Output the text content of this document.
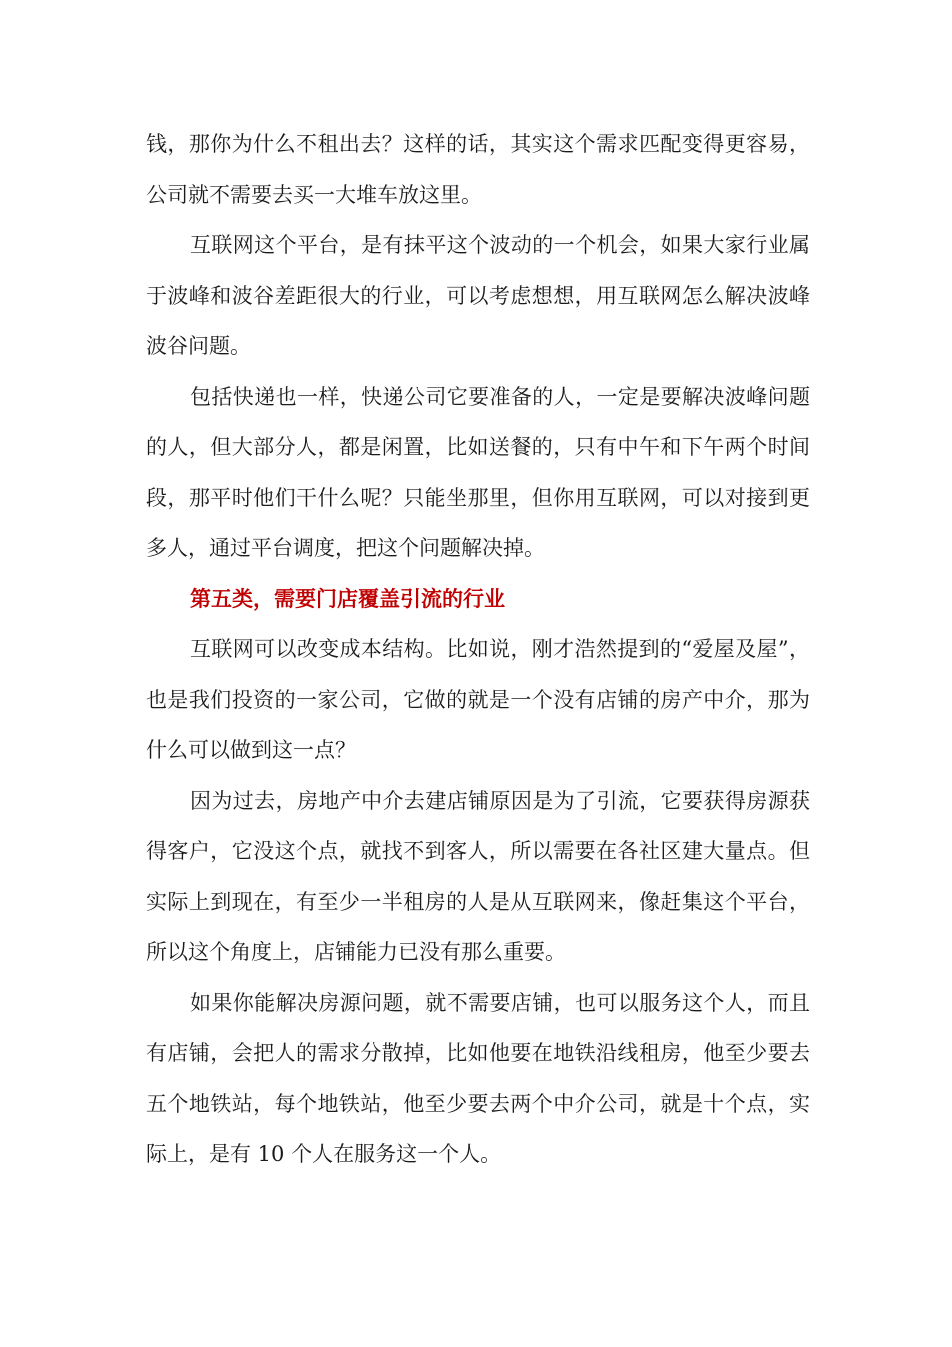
钱，那你为什么不租出去？这样的话，其实这个需求匹配变得更容易，公司就不需要去买一大堆车放这里。

互联网这个平台，是有抹平这个波动的一个机会，如果大家行业属于波峰和波谷差距很大的行业，可以考虑想想，用互联网怎么解决波峰波谷问题。

包括快递也一样，快递公司它要准备的人，一定是要解决波峰问题的人，但大部分人，都是闲置，比如送餐的，只有中午和下午两个时间段，那平时他们干什么呢？只能坐那里，但你用互联网，可以对接到更多人，通过平台调度，把这个问题解决掉。

第五类，需要门店覆盖引流的行业

互联网可以改变成本结构。比如说，刚才浩然提到的“爱屋及屋”，也是我们投资的一家公司，它做的就是一个没有店铺的房产中介，那为什么可以做到这一点？

因为过去，房地产中介去建店铺原因是为了引流，它要获得房源获得客户，它没这个点，就找不到客人，所以需要在各社区建大量点。但实际上到现在，有至少一半租房的人是从互联网来，像赶集这个平台，所以这个角度上，店铺能力已没有那么重要。

如果你能解决房源问题，就不需要店铺，也可以服务这个人，而且有店铺，会把人的需求分散掉，比如他要在地铁沿线租房，他至少要去五个地铁站，每个地铁站，他至少要去两个中介公司，就是十个点，实际上，是有 10 个人在服务这一个人。
